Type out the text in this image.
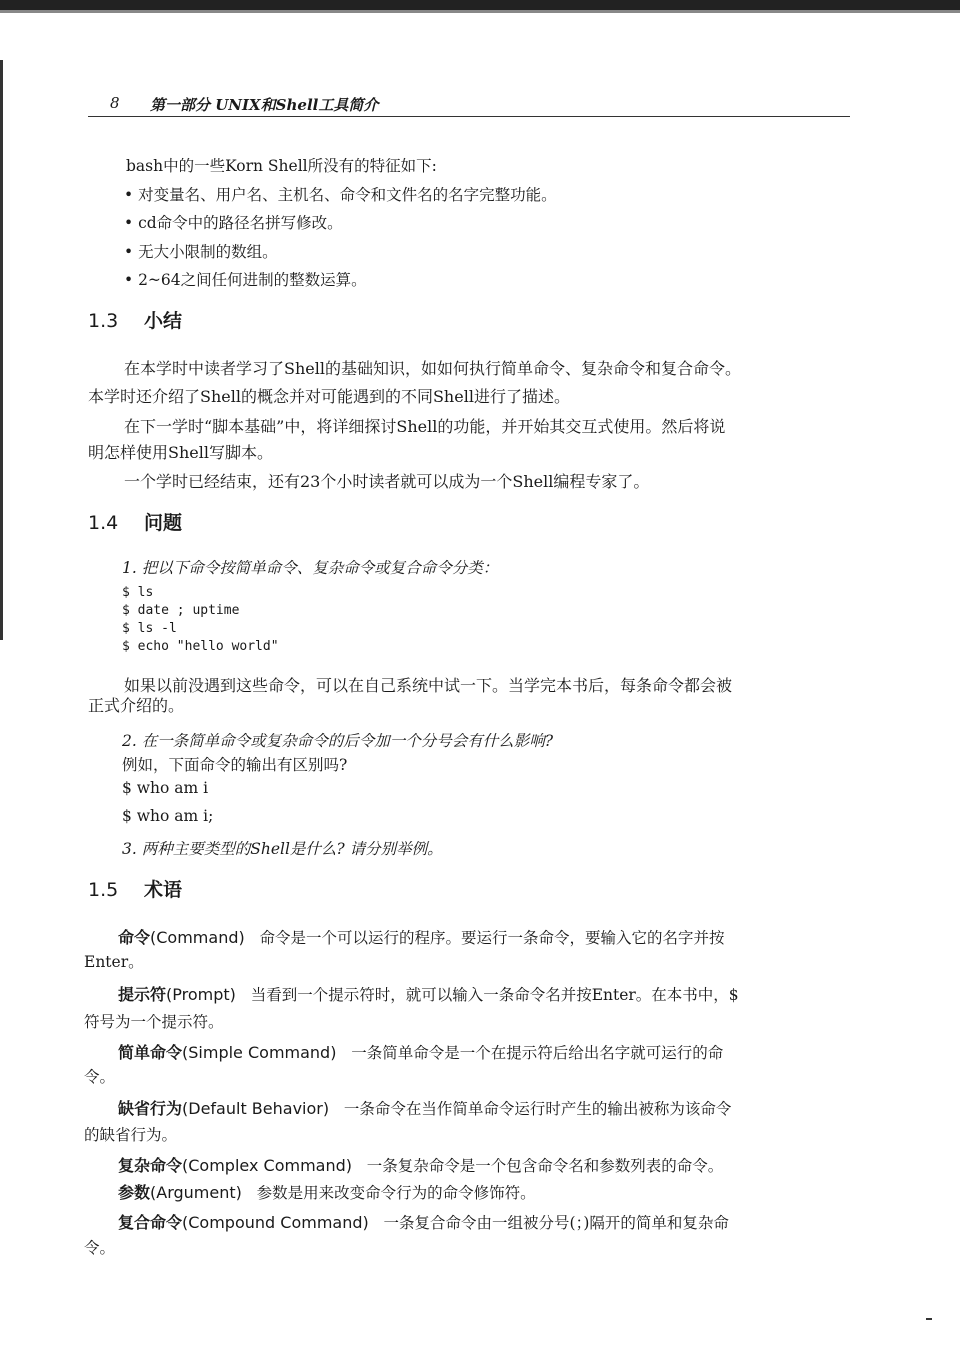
8 第一部分 UNIX和Shell工具简介
bash中的一些Korn Shell所没有的特征如下:
• 对变量名、用户名、主机名、命令和文件名的名字完整功能。
• cd命令中的路径名拼写修改。
• 无大小限制的数组。
• 2~64之间任何进制的整数运算。
1.3 小结
在本学时中读者学习了Shell的基础知识，如如何执行简单命令、复杂命令和复合命令。
本学时还介绍了Shell的概念并对可能遇到的不同Shell进行了描述。
在下一学时“脚本基础”中，将详细探讨Shell的功能，并开始其交互式使用。然后将说
明怎样使用Shell写脚本。
一个学时已经结束，还有23个小时读者就可以成为一个Shell编程专家了。
1.4 问题
1. 把以下命令按简单命令、复杂命令或复合命令分类：
$ ls
$ date ; uptime
$ ls -l
$ echo "hello world"
如果以前没遇到这些命令，可以在自己系统中试一下。当学完本书后，每条命令都会被
正式介绍的。
2. 在一条简单命令或复杂命令的后令加一个分号会有什么影响?
例如，下面命令的输出有区别吗?
$ who am i
$ who am i;
3. 两种主要类型的Shell是什么? 请分别举例。
1.5 术语
命令(Command) 命令是一个可以运行的程序。要运行一条命令，要输入它的名字并按
Enter。
提示符(Prompt) 当看到一个提示符时，就可以输入一条命令名并按Enter。在本书中，$
符号为一个提示符。
简单命令(Simple Command) 一条简单命令是一个在提示符后给出名字就可运行的命
令。
缺省行为(Default Behavior) 一条命令在当作简单命令运行时产生的输出被称为该命令
的缺省行为。
复杂命令(Complex Command) 一条复杂命令是一个包含命令名和参数列表的命令。
参数(Argument) 参数是用来改变命令行为的命令修饰符。
复合命令(Compound Command) 一条复合命令由一组被分号(；)隔开的简单和复杂命
令。
